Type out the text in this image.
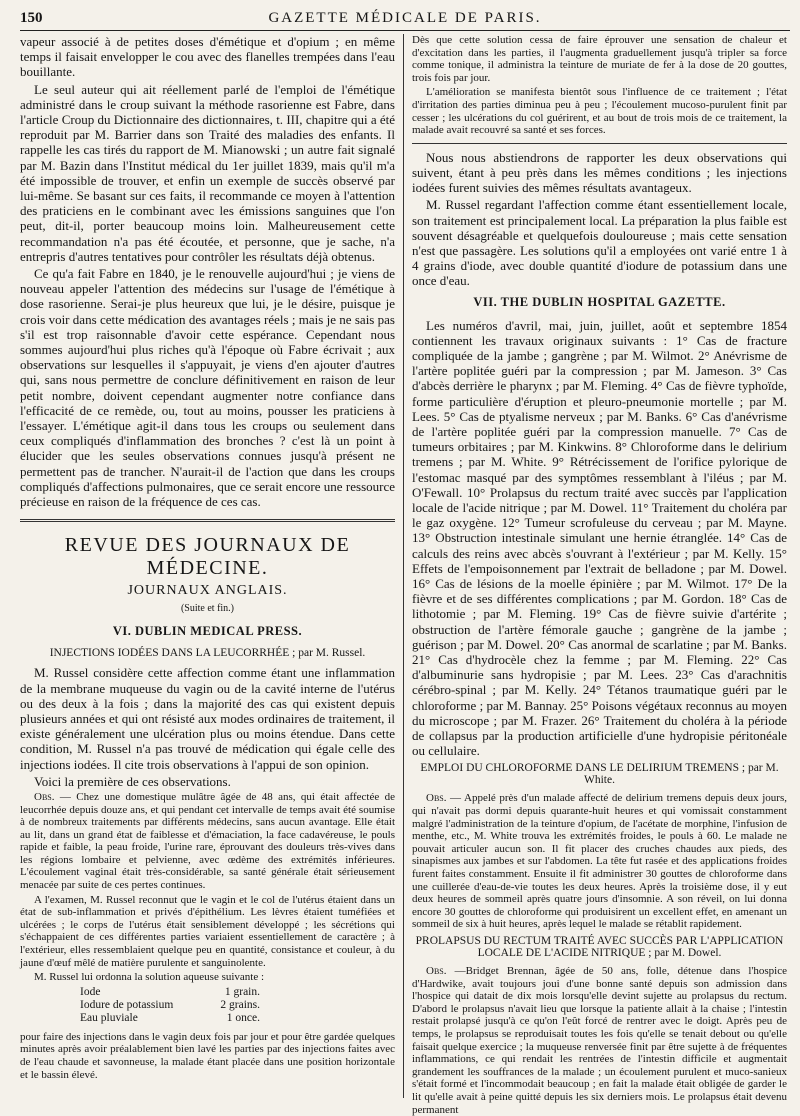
150	GAZETTE MÉDICALE DE PARIS.

vapeur associé à de petites doses d'émétique et d'opium ; en même temps il faisait envelopper le cou avec des flanelles trempées dans l'eau bouillante.

Le seul auteur qui ait réellement parlé de l'emploi de l'émétique administré dans le croup suivant la méthode rasorienne est Fabre, dans l'article Croup du Dictionnaire des dictionnaires, t. III, chapitre qui a été reproduit par M. Barrier dans son Traité des maladies des enfants. Il rappelle les cas tirés du rapport de M. Mianowski ; un autre fait signalé par M. Bazin dans l'Institut médical du 1er juillet 1839, mais qu'il m'a été impossible de trouver, et enfin un exemple de succès observé par lui-même. Se basant sur ces faits, il recommande ce moyen à l'attention des praticiens en le combinant avec les émissions sanguines que l'on peut, dit-il, porter beaucoup moins loin. Malheureusement cette recommandation n'a pas été écoutée, et personne, que je sache, n'a entrepris d'autres tentatives pour contrôler les résultats déjà obtenus.

Ce qu'a fait Fabre en 1840, je le renouvelle aujourd'hui ; je viens de nouveau appeler l'attention des médecins sur l'usage de l'émétique à dose rasorienne. Serai-je plus heureux que lui, je le désire, puisque je crois voir dans cette médication des avantages réels ; mais je ne sais pas s'il est trop raisonnable d'avoir cette espérance. Cependant nous sommes aujourd'hui plus riches qu'à l'époque où Fabre écrivait ; aux observations sur lesquelles il s'appuyait, je viens d'en ajouter d'autres qui, sans nous permettre de conclure définitivement en raison de leur petit nombre, doivent cependant augmenter notre confiance dans l'efficacité de ce remède, ou, tout au moins, pousser les praticiens à l'essayer. L'émétique agit-il dans tous les croups ou seulement dans ceux compliqués d'inflammation des bronches ? c'est là un point à élucider que les seules observations connues jusqu'à présent ne permettent pas de trancher. N'aurait-il de l'action que dans les croups compliqués d'affections pulmonaires, que ce serait encore une ressource précieuse en raison de la fréquence de ces cas.

REVUE DES JOURNAUX DE MÉDECINE.
JOURNAUX ANGLAIS.
(Suite et fin.)
VI. DUBLIN MEDICAL PRESS.
INJECTIONS IODÉES DANS LA LEUCORRHÉE ; par M. Russel.

M. Russel considère cette affection comme étant une inflammation de la membrane muqueuse du vagin ou de la cavité interne de l'utérus ou des deux à la fois ; dans la majorité des cas qui existent depuis plusieurs années et qui ont résisté aux modes ordinaires de traitement, il existe généralement une ulcération plus ou moins étendue. Dans cette condition, M. Russel n'a pas trouvé de médication qui égale celle des injections iodées. Il cite trois observations à l'appui de son opinion.

Voici la première de ces observations.

Obs. — Chez une domestique mulâtre âgée de 48 ans, qui était affectée de leucorrhée depuis douze ans, et qui pendant cet intervalle de temps avait été soumise à de nombreux traitements par différents médecins, sans aucun avantage. Elle était au lit, dans un grand état de faiblesse et d'émaciation, la face cadavéreuse, le pouls rapide et faible, la peau froide, l'urine rare, éprouvant des douleurs très-vives dans les régions lombaire et pelvienne, avec œdème des extrémités inférieures. L'écoulement vaginal était très-considérable, sa santé générale était sérieusement menacée par suite de ces pertes continues.

A l'examen, M. Russel reconnut que le vagin et le col de l'utérus étaient dans un état de sub-inflammation et privés d'épithélium. Les lèvres étaient tuméfiées et ulcérées ; le corps de l'utérus était sensiblement développé ; les sécrétions qui s'échappaient de ces différentes parties variaient essentiellement de caractère ; à l'extérieur, elles ressemblaient quelque peu en quantité, consistance et couleur, à du jaune d'œuf mêlé de matière purulente et sanguinolente.

M. Russel lui ordonna la solution aqueuse suivante :

Iode	1 grain.
Iodure de potassium	2 grains.
Eau pluviale	1 once.

pour faire des injections dans le vagin deux fois par jour et pour être gardée quelques minutes après avoir préalablement bien lavé les parties par des injections faites avec de l'eau chaude et savonneuse, la malade étant placée dans une position horizontale et le bassin élevé.

Dès que cette solution cessa de faire éprouver une sensation de chaleur et d'excitation dans les parties, il l'augmenta graduellement jusqu'à tripler sa force comme tonique, il administra la teinture de muriate de fer à la dose de 20 gouttes, trois fois par jour.

L'amélioration se manifesta bientôt sous l'influence de ce traitement ; l'état d'irritation des parties diminua peu à peu ; l'écoulement mucoso-purulent finit par cesser ; les ulcérations du col guérirent, et au bout de trois mois de ce traitement, la malade avait recouvré sa santé et ses forces.

Nous nous abstiendrons de rapporter les deux observations qui suivent, étant à peu près dans les mêmes conditions ; les injections iodées furent suivies des mêmes résultats avantageux.

M. Russel regardant l'affection comme étant essentiellement locale, son traitement est principalement local. La préparation la plus faible est souvent désagréable et quelquefois douloureuse ; mais cette sensation n'est que passagère. Les solutions qu'il a employées ont varié entre 1 à 4 grains d'iode, avec double quantité d'iodure de potassium dans une once d'eau.

VII. THE DUBLIN HOSPITAL GAZETTE.

Les numéros d'avril, mai, juin, juillet, août et septembre 1854 contiennent les travaux originaux suivants : 1° Cas de fracture compliquée de la jambe ; gangrène ; par M. Wilmot. 2° Anévrisme de l'artère poplitée guéri par la compression ; par M. Jameson. 3° Cas d'abcès derrière le pharynx ; par M. Fleming. 4° Cas de fièvre typhoïde, forme particulière d'éruption et pleuro-pneumonie mortelle ; par M. Lees. 5° Cas de ptyalisme nerveux ; par M. Banks. 6° Cas d'anévrisme de l'artère poplitée guéri par la compression manuelle. 7° Cas de tumeurs orbitaires ; par M. Kinkwins. 8° Chloroforme dans le delirium tremens ; par M. White. 9° Rétrécissement de l'orifice pylorique de l'estomac masqué par des symptômes ressemblant à l'iléus ; par M. O'Fewall. 10° Prolapsus du rectum traité avec succès par l'application locale de l'acide nitrique ; par M. Dowel. 11° Traitement du choléra par le gaz oxygène. 12° Tumeur scrofuleuse du cerveau ; par M. Mayne. 13° Obstruction intestinale simulant une hernie étranglée. 14° Cas de calculs des reins avec abcès s'ouvrant à l'extérieur ; par M. Kelly. 15° Effets de l'empoisonnement par l'extrait de belladone ; par M. Dowel. 16° Cas de lésions de la moelle épinière ; par M. Wilmot. 17° De la fièvre et de ses différentes complications ; par M. Gordon. 18° Cas de lithotomie ; par M. Fleming. 19° Cas de fièvre suivie d'artérite ; obstruction de l'artère fémorale gauche ; gangrène de la jambe ; guérison ; par M. Dowel. 20° Cas anormal de scarlatine ; par M. Banks. 21° Cas d'hydrocèle chez la femme ; par M. Fleming. 22° Cas d'albuminurie sans hydropisie ; par M. Lees. 23° Cas d'arachnitis cérébro-spinal ; par M. Kelly. 24° Tétanos traumatique guéri par le chloroforme ; par M. Bannay. 25° Poisons végétaux reconnus au moyen du microscope ; par M. Frazer. 26° Traitement du choléra à la période de collapsus par la production artificielle d'une hydropisie péritonéale ou cellulaire.

EMPLOI DU CHLOROFORME DANS LE DELIRIUM TREMENS ; par M. White.

Obs. — Appelé près d'un malade affecté de delirium tremens depuis deux jours, qui n'avait pas dormi depuis quarante-huit heures et qui vomissait constamment malgré l'administration de la teinture d'opium, de l'acétate de morphine, l'infusion de menthe, etc., M. White trouva les extrémités froides, le pouls à 60. Le malade ne pouvait articuler aucun son. Il fit placer des cruches chaudes aux pieds, des sinapismes aux jambes et sur l'abdomen. La tête fut rasée et des applications froides furent faites constamment. Ensuite il fit administrer 30 gouttes de chloroforme dans une cuillerée d'eau-de-vie toutes les deux heures. Après la troisième dose, il y eut deux heures de sommeil après quatre jours d'insomnie. A son réveil, on lui donna encore 30 gouttes de chloroforme qui produisirent un excellent effet, en amenant un sommeil de six à huit heures, après lequel le malade se rétablit rapidement.

PROLAPSUS DU RECTUM TRAITÉ AVEC SUCCÈS PAR L'APPLICATION LOCALE DE L'ACIDE NITRIQUE ; par M. Dowel.

Obs. —Bridget Brennan, âgée de 50 ans, folle, détenue dans l'hospice d'Hardwike, avait toujours joui d'une bonne santé depuis son admission dans l'hospice qui datait de dix mois lorsqu'elle devint sujette au prolapsus du rectum. D'abord le prolapsus n'avait lieu que lorsque la patiente allait à la chaise ; l'intestin restait prolapsé jusqu'à ce qu'on l'eût forcé de rentrer avec le doigt. Après peu de temps, le prolapsus se reproduisait toutes les fois qu'elle se tenait debout ou qu'elle faisait quelque exercice ; la muqueuse renversée finit par être sujette à de fréquentes inflammations, ce qui rendait les rentrées de l'intestin difficile et augmentait grandement les souffrances de la malade ; un écoulement purulent et muco-sanieux s'était formé et l'incommodait beaucoup ; en fait la malade était obligée de garder le lit qu'elle avait à peine quitté depuis les six derniers mois. Le prolapsus était devenu permanent
